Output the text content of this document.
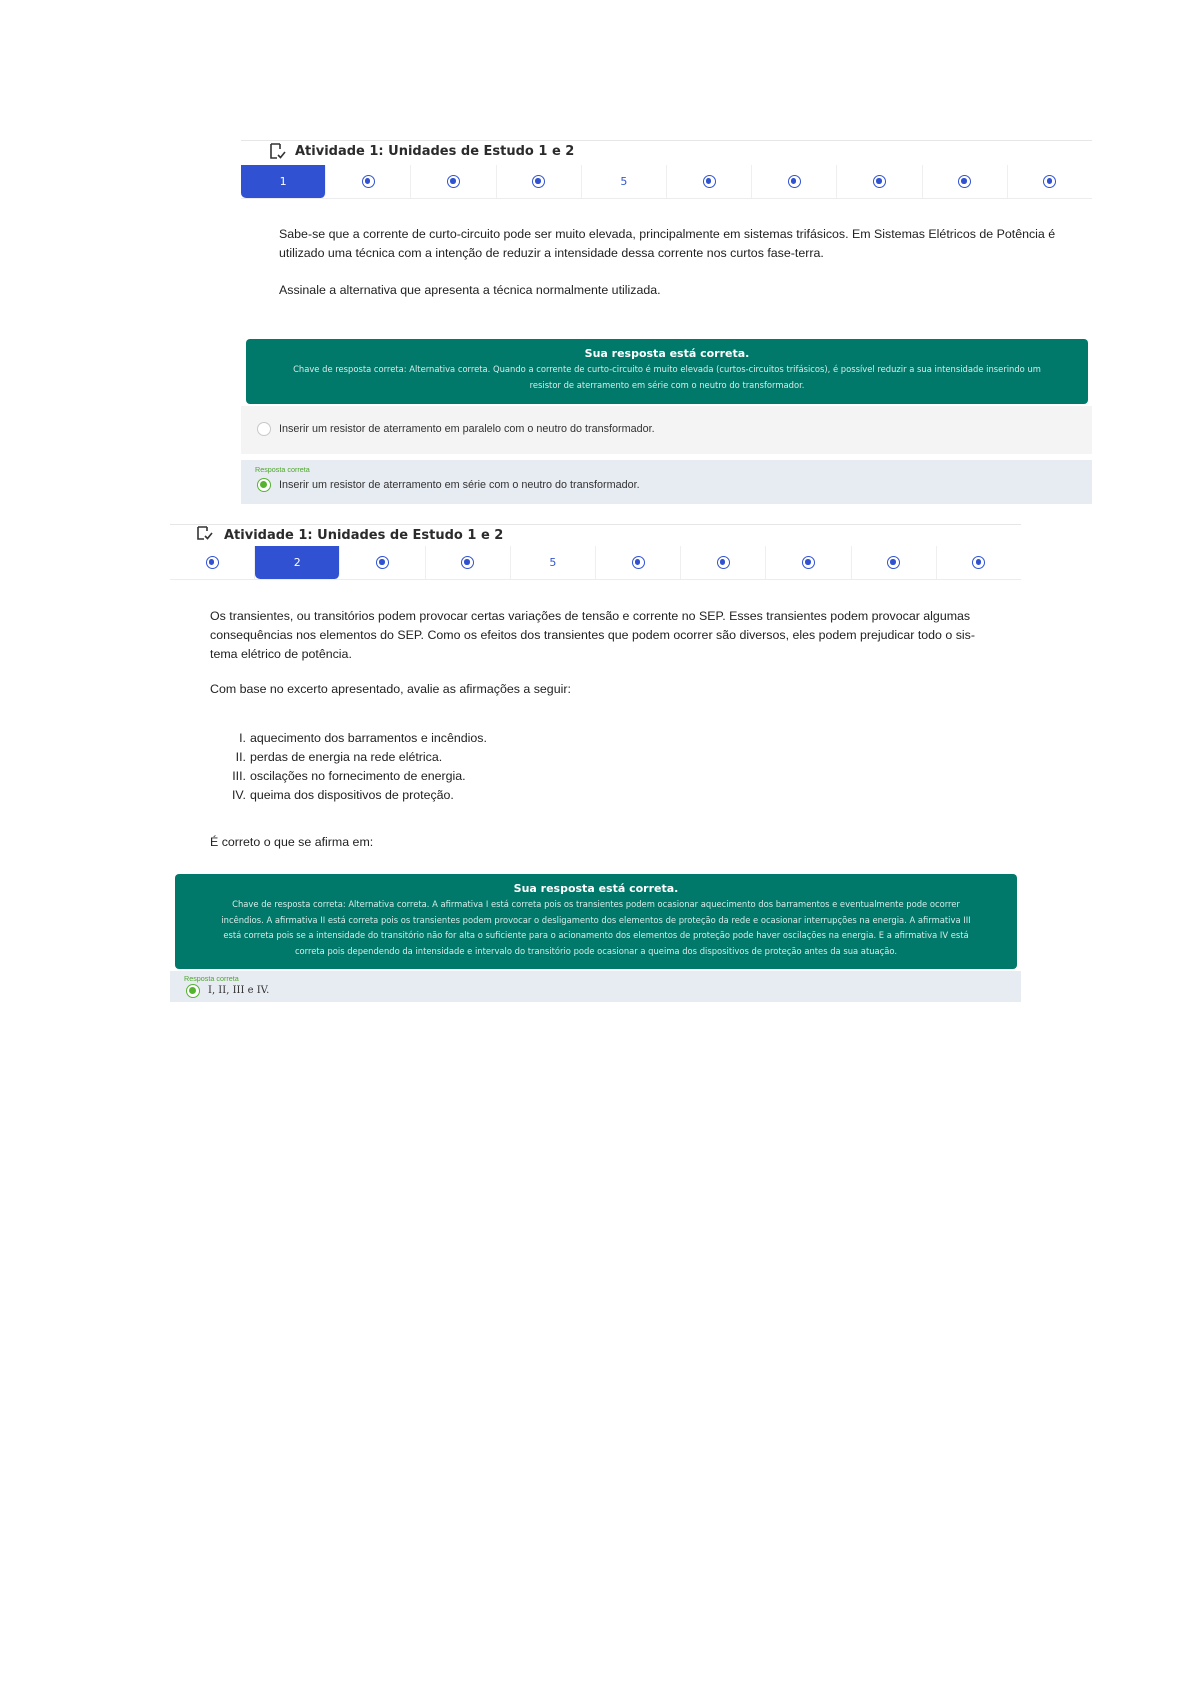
Atividade 1: Unidades de Estudo 1 e 2
1	5
Sabe-se que a corrente de curto-circuito pode ser muito elevada, principalmente em sistemas trifásicos. Em Sistemas Elétricos de Potência é
utilizado uma técnica com a intenção de reduzir a intensidade dessa corrente nos curtos fase-terra.
Assinale a alternativa que apresenta a técnica normalmente utilizada.
Sua resposta está correta.
Chave de resposta correta: Alternativa correta. Quando a corrente de curto-circuito é muito elevada (curtos-circuitos trifásicos), é possível reduzir a sua intensidade inserindo um
resistor de aterramento em série com o neutro do transformador.
Inserir um resistor de aterramento em paralelo com o neutro do transformador.
Resposta correta
Inserir um resistor de aterramento em série com o neutro do transformador.
Atividade 1: Unidades de Estudo 1 e 2
2	5
Os transientes, ou transitórios podem provocar certas variações de tensão e corrente no SEP. Esses transientes podem provocar algumas
consequências nos elementos do SEP. Como os efeitos dos transientes que podem ocorrer são diversos, eles podem prejudicar todo o sis-
tema elétrico de potência.
Com base no excerto apresentado, avalie as afirmações a seguir:
I. aquecimento dos barramentos e incêndios.
II. perdas de energia na rede elétrica.
III. oscilações no fornecimento de energia.
IV. queima dos dispositivos de proteção.
É correto o que se afirma em:
Sua resposta está correta.
Chave de resposta correta: Alternativa correta. A afirmativa I está correta pois os transientes podem ocasionar aquecimento dos barramentos e eventualmente pode ocorrer
incêndios. A afirmativa II está correta pois os transientes podem provocar o desligamento dos elementos de proteção da rede e ocasionar interrupções na energia. A afirmativa III
está correta pois se a intensidade do transitório não for alta o suficiente para o acionamento dos elementos de proteção pode haver oscilações na energia. E a afirmativa IV está
correta pois dependendo da intensidade e intervalo do transitório pode ocasionar a queima dos dispositivos de proteção antes da sua atuação.
Resposta correta
I, II, III e IV.
